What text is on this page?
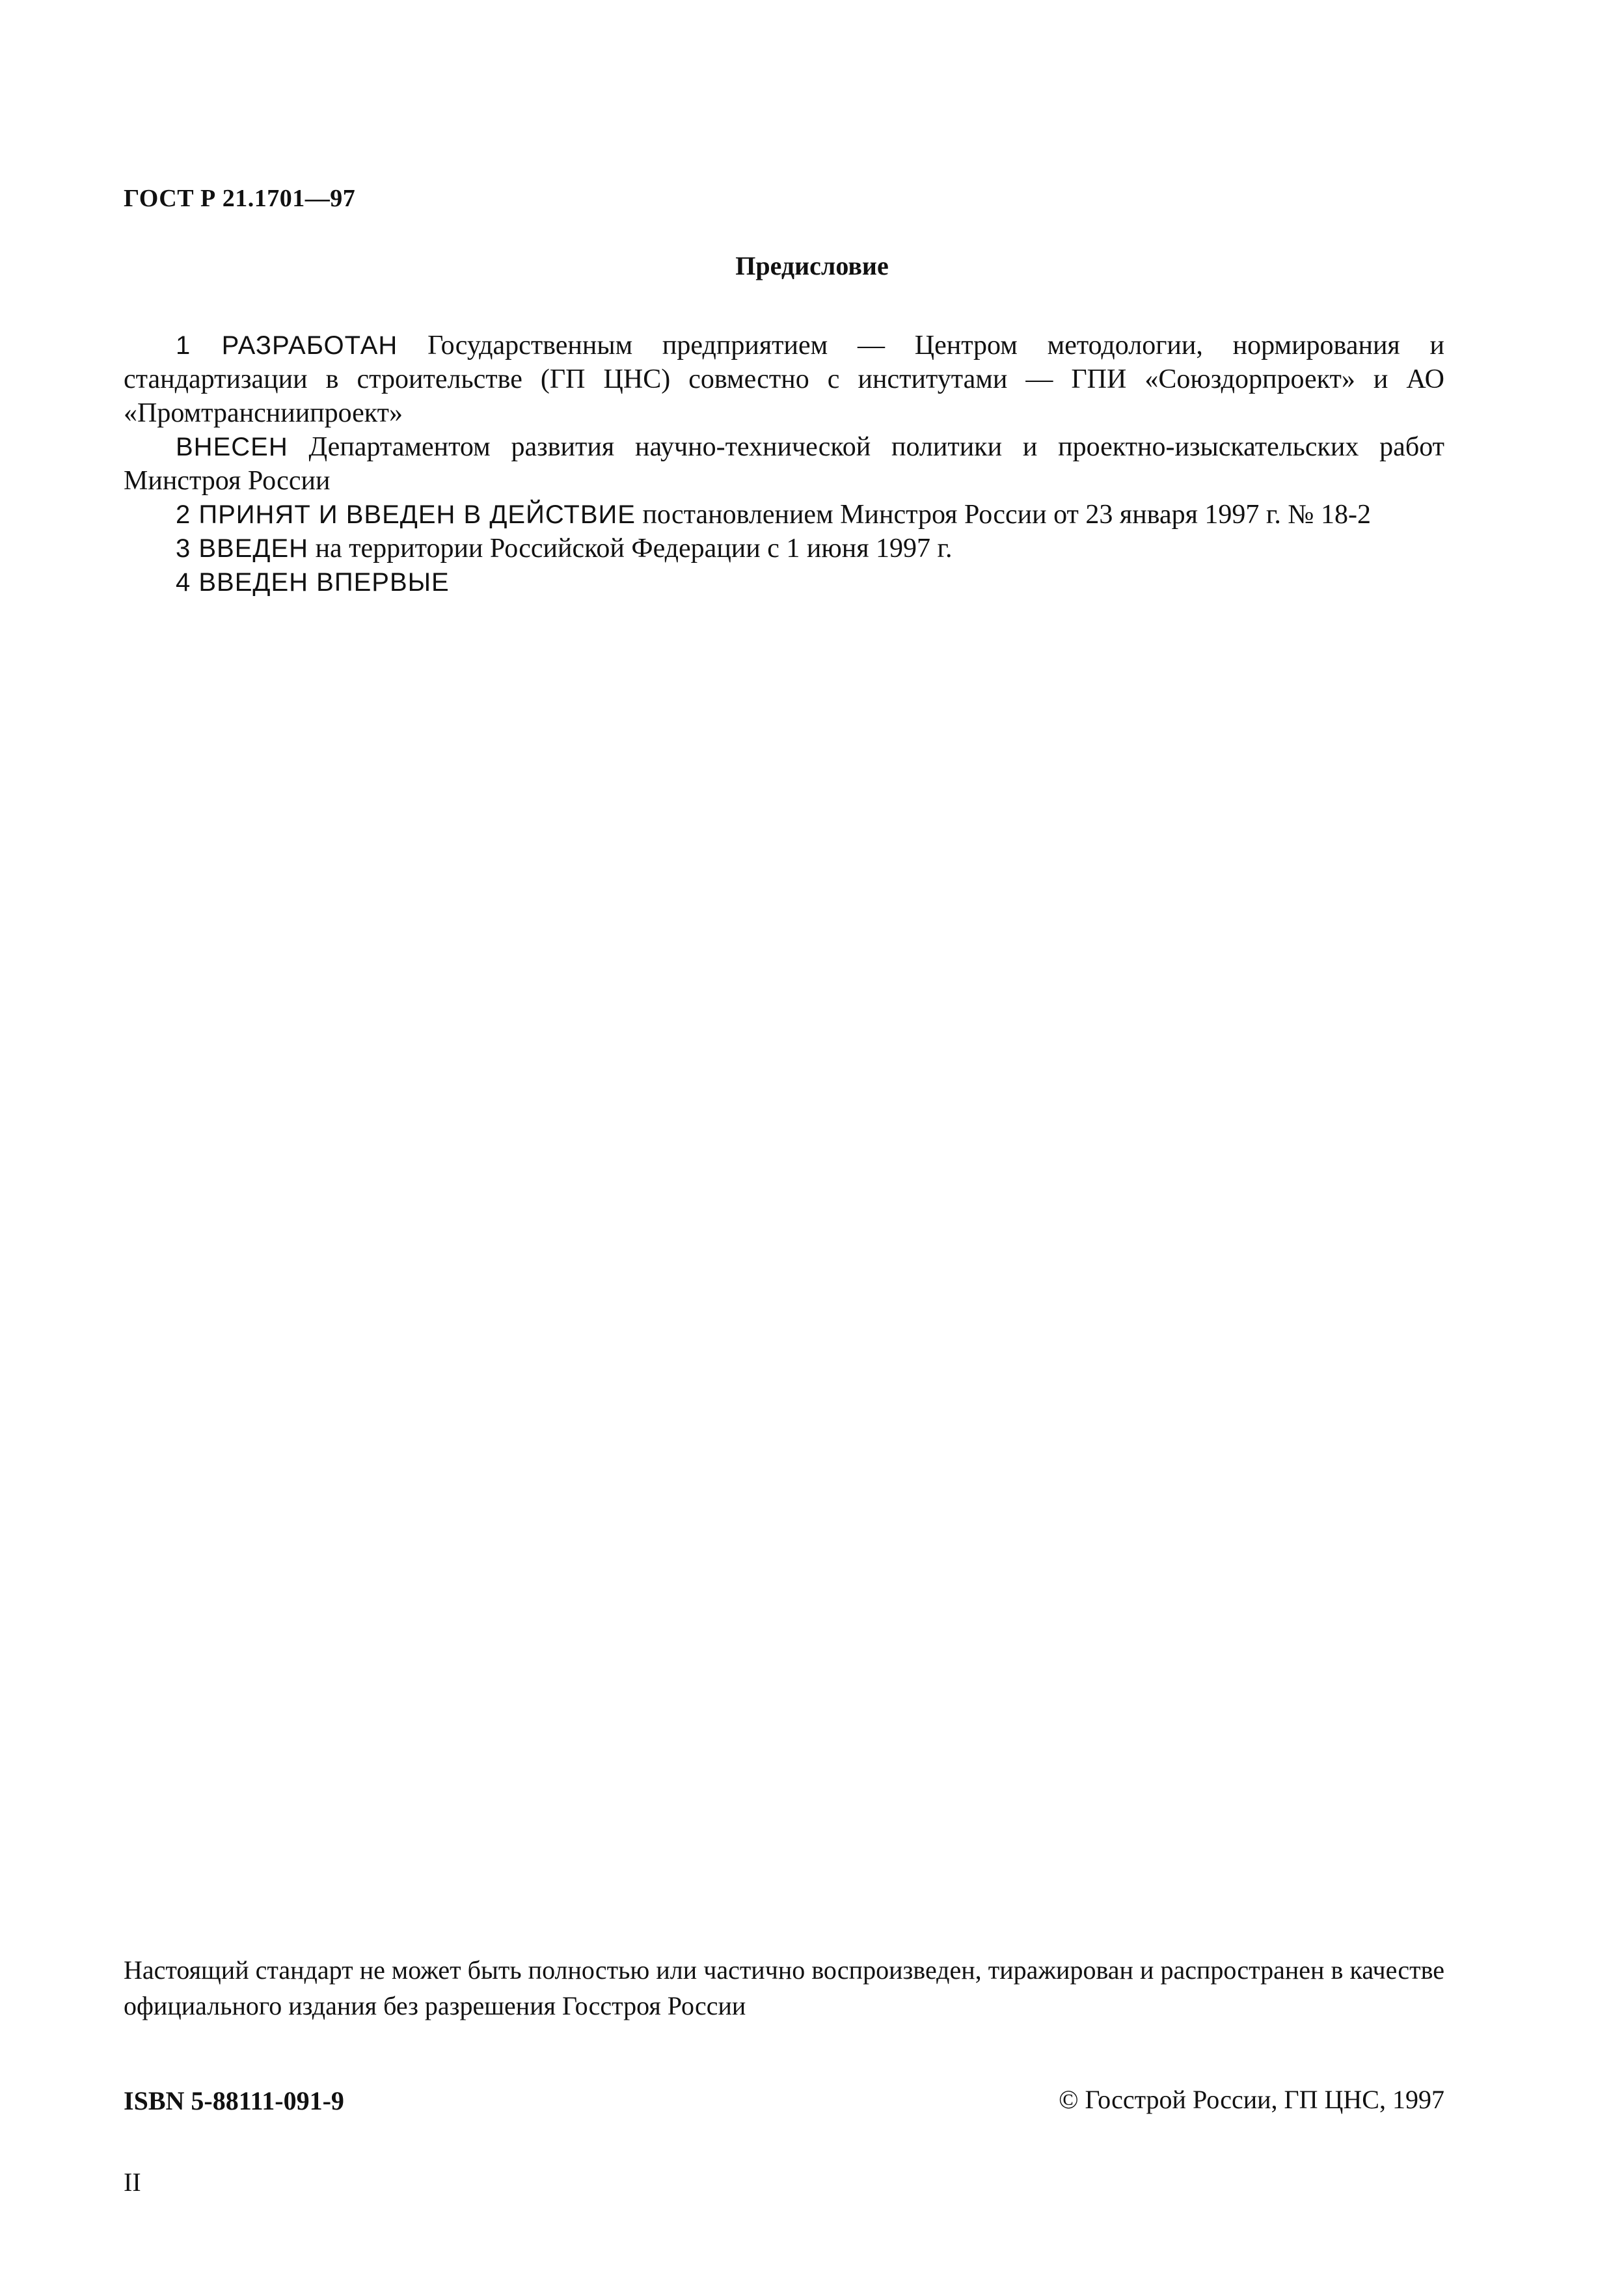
ГОСТ Р 21.1701—97
Предисловие

1 РАЗРАБОТАН Государственным предприятием — Центром методологии, нормирования и стандартизации в строительстве (ГП ЦНС) совместно с институтами — ГПИ «Союздорпроект» и АО «Промтрансниипроект»

ВНЕСЕН Департаментом развития научно-технической политики и проектно-изыскательских работ Минстроя России

2 ПРИНЯТ И ВВЕДЕН В ДЕЙСТВИЕ постановлением Минстроя России от 23 января 1997 г. № 18-2

3 ВВЕДЕН на территории Российской Федерации с 1 июня 1997 г.

4 ВВЕДЕН ВПЕРВЫЕ

Настоящий стандарт не может быть полностью или частично воспроизведен, тиражирован и распространен в качестве официального издания без разрешения Госстроя России

ISBN 5-88111-091-9	© Госстрой России, ГП ЦНС, 1997
II
